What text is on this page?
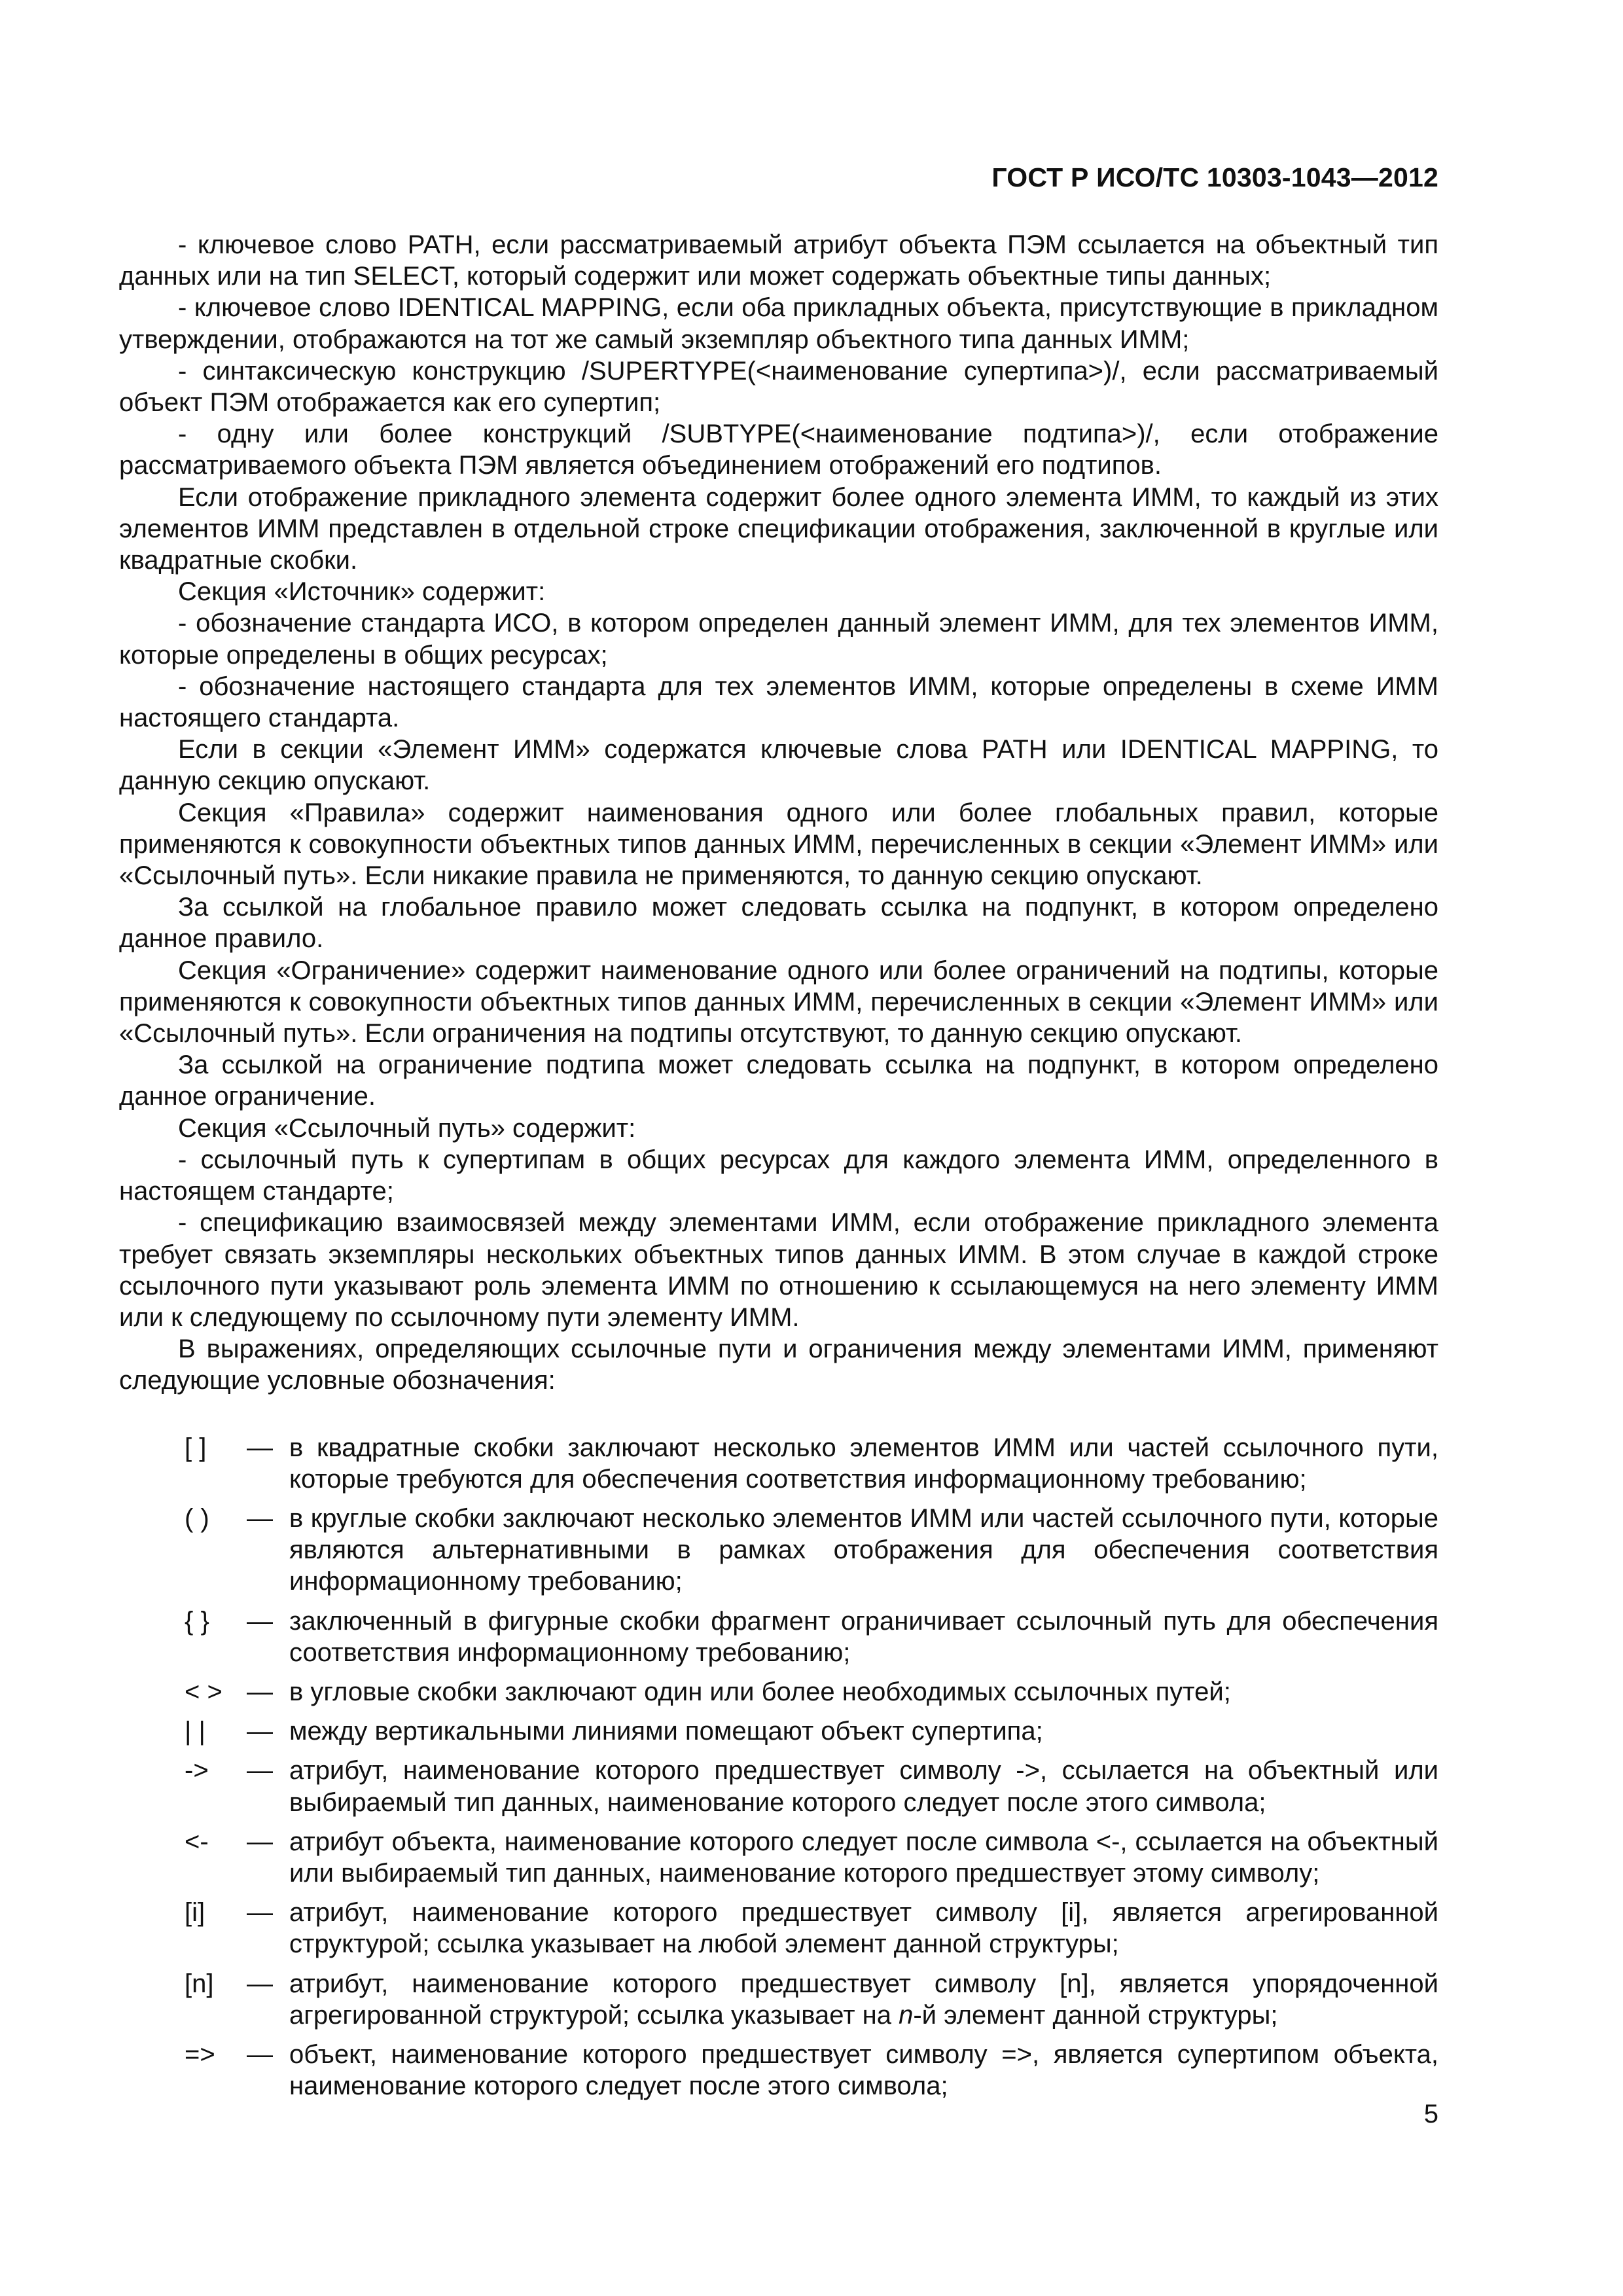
ГОСТ Р ИСО/ТС 10303-1043—2012

- ключевое слово PATH, если рассматриваемый атрибут объекта ПЭМ ссылается на объектный тип данных или на тип SELECT, который содержит или может содержать объектные типы данных;

- ключевое слово IDENTICAL MAPPING, если оба прикладных объекта, присутствующие в прикладном утверждении, отображаются на тот же самый экземпляр объектного типа данных ИММ;

- синтаксическую конструкцию /SUPERTYPE(<наименование супертипа>)/, если рассматриваемый объект ПЭМ отображается как его супертип;

- одну или более конструкций /SUBTYPE(<наименование подтипа>)/, если отображение рассматриваемого объекта ПЭМ является объединением отображений его подтипов.

Если отображение прикладного элемента содержит более одного элемента ИММ, то каждый из этих элементов ИММ представлен в отдельной строке спецификации отображения, заключенной в круглые или квадратные скобки.

Секция «Источник» содержит:

- обозначение стандарта ИСО, в котором определен данный элемент ИММ, для тех элементов ИММ, которые определены в общих ресурсах;

- обозначение настоящего стандарта для тех элементов ИММ, которые определены в схеме ИММ настоящего стандарта.

Если в секции «Элемент ИММ» содержатся ключевые слова PATH или IDENTICAL MAPPING, то данную секцию опускают.

Секция «Правила» содержит наименования одного или более глобальных правил, которые применяются к совокупности объектных типов данных ИММ, перечисленных в секции «Элемент ИММ» или «Ссылочный путь». Если никакие правила не применяются, то данную секцию опускают.

За ссылкой на глобальное правило может следовать ссылка на подпункт, в котором определено данное правило.

Секция «Ограничение» содержит наименование одного или более ограничений на подтипы, которые применяются к совокупности объектных типов данных ИММ, перечисленных в секции «Элемент ИММ» или «Ссылочный путь». Если ограничения на подтипы отсутствуют, то данную секцию опускают.

За ссылкой на ограничение подтипа может следовать ссылка на подпункт, в котором определено данное ограничение.

Секция «Ссылочный путь» содержит:

- ссылочный путь к супертипам в общих ресурсах для каждого элемента ИММ, определенного в настоящем стандарте;

- спецификацию взаимосвязей между элементами ИММ, если отображение прикладного элемента требует связать экземпляры нескольких объектных типов данных ИММ. В этом случае в каждой строке ссылочного пути указывают роль элемента ИММ по отношению к ссылающемуся на него элементу ИММ или к следующему по ссылочному пути элементу ИММ.

В выражениях, определяющих ссылочные пути и ограничения между элементами ИММ, применяют следующие условные обозначения:

[ ]	— в квадратные скобки заключают несколько элементов ИММ или частей ссылочного пути, которые требуются для обеспечения соответствия информационному требованию;
( )	— в круглые скобки заключают несколько элементов ИММ или частей ссылочного пути, которые являются альтернативными в рамках отображения для обеспечения соответствия информационному требованию;
{ }	— заключенный в фигурные скобки фрагмент ограничивает ссылочный путь для обеспечения соответствия информационному требованию;
< > — в угловые скобки заключают один или более необходимых ссылочных путей;
| |	— между вертикальными линиями помещают объект супертипа;
->	— атрибут, наименование которого предшествует символу ->, ссылается на объектный или выбираемый тип данных, наименование которого следует после этого символа;
<-	— атрибут объекта, наименование которого следует после символа <-, ссылается на объектный или выбираемый тип данных, наименование которого предшествует этому символу;
[i]	— атрибут, наименование которого предшествует символу [i], является агрегированной структурой; ссылка указывает на любой элемент данной структуры;
[n]	— атрибут, наименование которого предшествует символу [n], является упорядоченной агрегированной структурой; ссылка указывает на n-й элемент данной структуры;
=>	— объект, наименование которого предшествует символу =>, является супертипом объекта, наименование которого следует после этого символа;
5
